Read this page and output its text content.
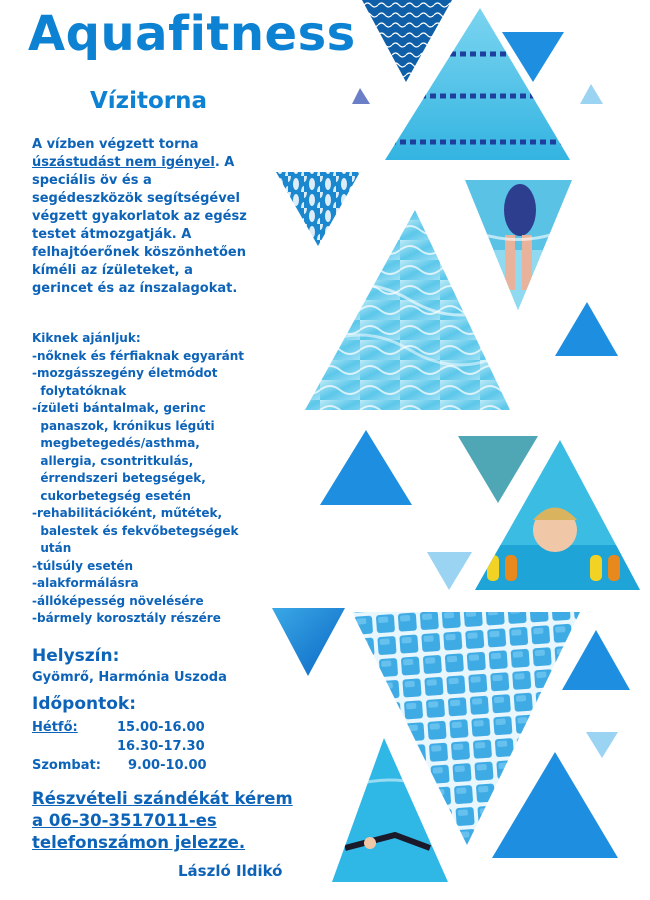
Aquafitness
Vízitorna
A vízben végzett torna
úszástudást nem igényel. A
speciális öv és a
segédeszközök segítségével
végzett gyakorlatok az egész
testet átmozgatják. A
felhajtóerőnek köszönhetően
kíméli az ízületeket, a
gerincet és az ínszalagokat.
Kiknek ajánljuk:
-nőknek és férfiaknak egyaránt
-mozgásszegény életmódot
folytatóknak
-ízületi bántalmak, gerinc
panaszok, krónikus légúti
megbetegedés/asthma,
allergia, csontritkulás,
érrendszeri betegségek,
cukorbetegség esetén
-rehabilitációként, műtétek,
balestek és fekvőbetegségek
után
-túlsúly esetén
-alakformálásra
-állóképesség növelésére
-bármely korosztály részére
Helyszín:
Gyömrő, Harmónia Uszoda
Időpontok:
Hétfő:	15.00-16.00
16.30-17.30
Szombat: 9.00-10.00
Részvételi szándékát kérem
a 06-30-3517011-es
telefonszámon jelezze.
László Ildikó
